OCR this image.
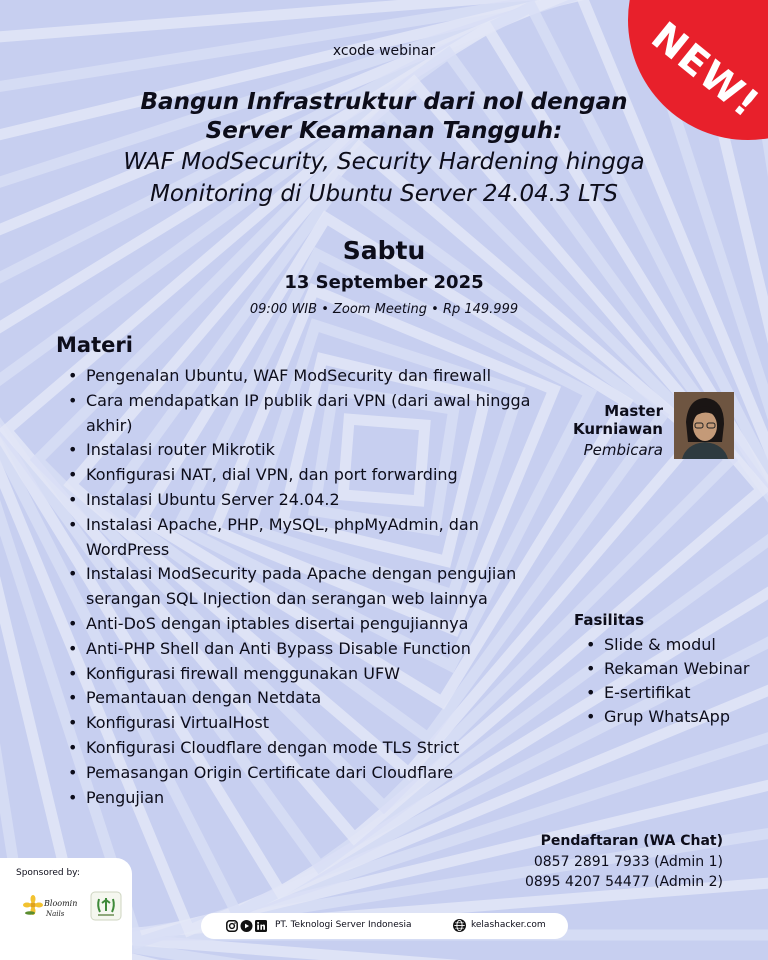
NEW!
xcode webinar
Bangun Infrastruktur dari nol dengan
Server Keamanan Tangguh:
WAF ModSecurity, Security Hardening hingga
Monitoring di Ubuntu Server 24.04.3 LTS
Sabtu
13 September 2025
09:00 WIB • Zoom Meeting • Rp 149.999
Materi
• Pengenalan Ubuntu, WAF ModSecurity dan firewall
• Cara mendapatkan IP publik dari VPN (dari awal hingga akhir)
• Instalasi router Mikrotik
• Konfigurasi NAT, dial VPN, dan port forwarding
• Instalasi Ubuntu Server 24.04.2
• Instalasi Apache, PHP, MySQL, phpMyAdmin, dan WordPress
• Instalasi ModSecurity pada Apache dengan pengujian serangan SQL Injection dan serangan web lainnya
• Anti-DoS dengan iptables disertai pengujiannya
• Anti-PHP Shell dan Anti Bypass Disable Function
• Konfigurasi firewall menggunakan UFW
• Pemantauan dengan Netdata
• Konfigurasi VirtualHost
• Konfigurasi Cloudflare dengan mode TLS Strict
• Pemasangan Origin Certificate dari Cloudflare
• Pengujian
Master
Kurniawan
Pembicara
Fasilitas
• Slide & modul
• Rekaman Webinar
• E-sertifikat
• Grup WhatsApp
Pendaftaran (WA Chat)
0857 2891 7933 (Admin 1)
0895 4207 54477 (Admin 2)
Sponsored by:
Bloomin
Nails
PT. Teknologi Server Indonesia	kelashacker.com
